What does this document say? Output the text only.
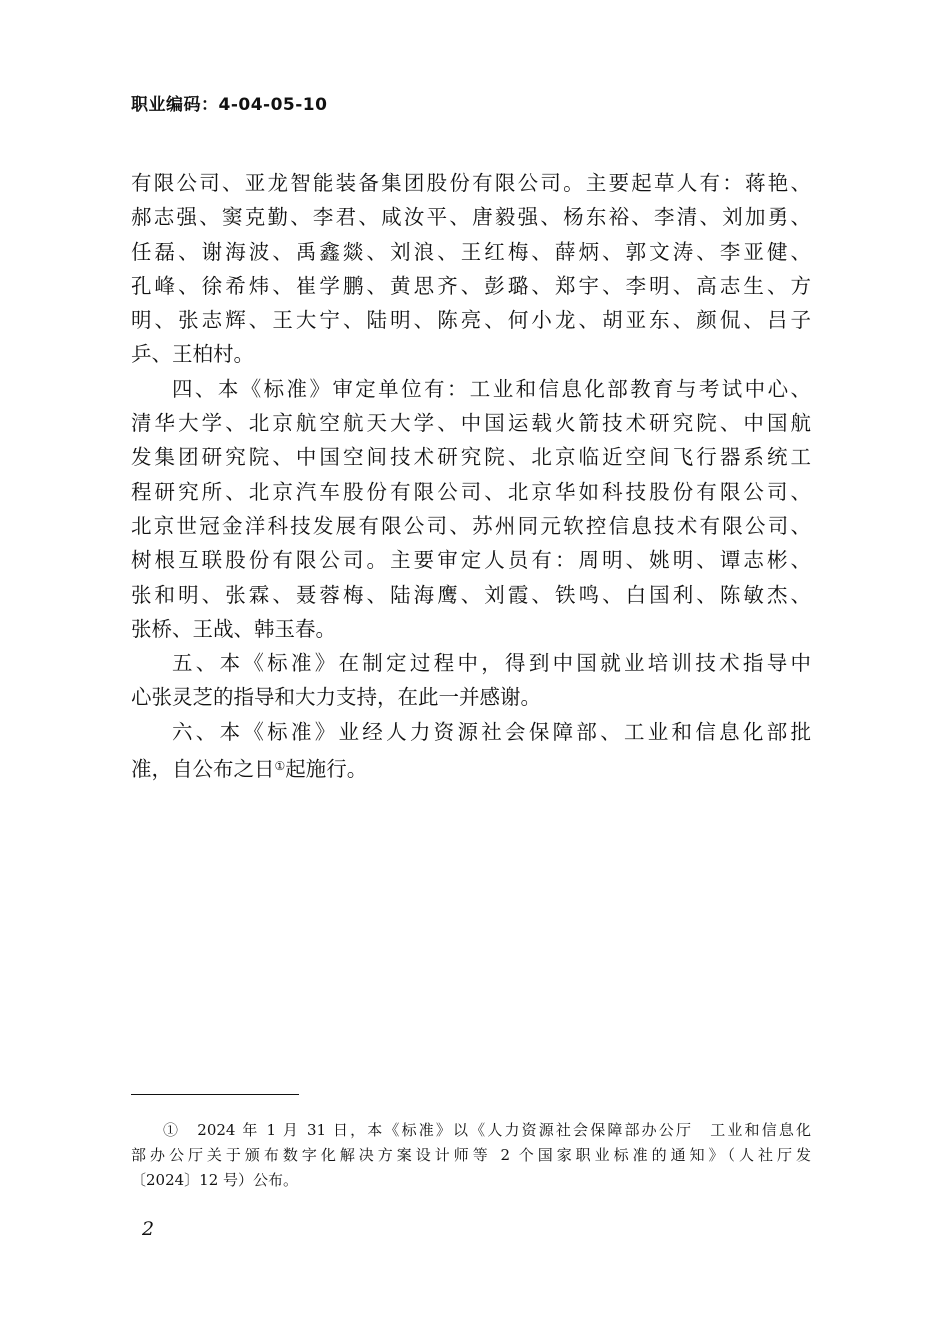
职业编码：4-04-05-10
有限公司、亚龙智能装备集团股份有限公司。主要起草人有：蒋艳、
郝志强、窦克勤、李君、咸汝平、唐毅强、杨东裕、李清、刘加勇、
任磊、谢海波、禹鑫燚、刘浪、王红梅、薛炳、郭文涛、李亚健、
孔峰、徐希炜、崔学鹏、黄思齐、彭璐、郑宇、李明、高志生、方
明、张志辉、王大宁、陆明、陈亮、何小龙、胡亚东、颜侃、吕子
乒、王柏村。
四、本《标准》审定单位有：工业和信息化部教育与考试中心、
清华大学、北京航空航天大学、中国运载火箭技术研究院、中国航
发集团研究院、中国空间技术研究院、北京临近空间飞行器系统工
程研究所、北京汽车股份有限公司、北京华如科技股份有限公司、
北京世冠金洋科技发展有限公司、苏州同元软控信息技术有限公司、
树根互联股份有限公司。主要审定人员有：周明、姚明、谭志彬、
张和明、张霖、聂蓉梅、陆海鹰、刘霞、铁鸣、白国利、陈敏杰、
张桥、王战、韩玉春。
五、本《标准》在制定过程中，得到中国就业培训技术指导中
心张灵芝的指导和大力支持，在此一并感谢。
六、本《标准》业经人力资源社会保障部、工业和信息化部批
准，自公布之日①起施行。
①　2024 年 1 月 31 日，本《标准》以《人力资源社会保障部办公厅　工业和信息化
部办公厅关于颁布数字化解决方案设计师等 2 个国家职业标准的通知》（人社厅发
〔2024〕12 号）公布。
2
